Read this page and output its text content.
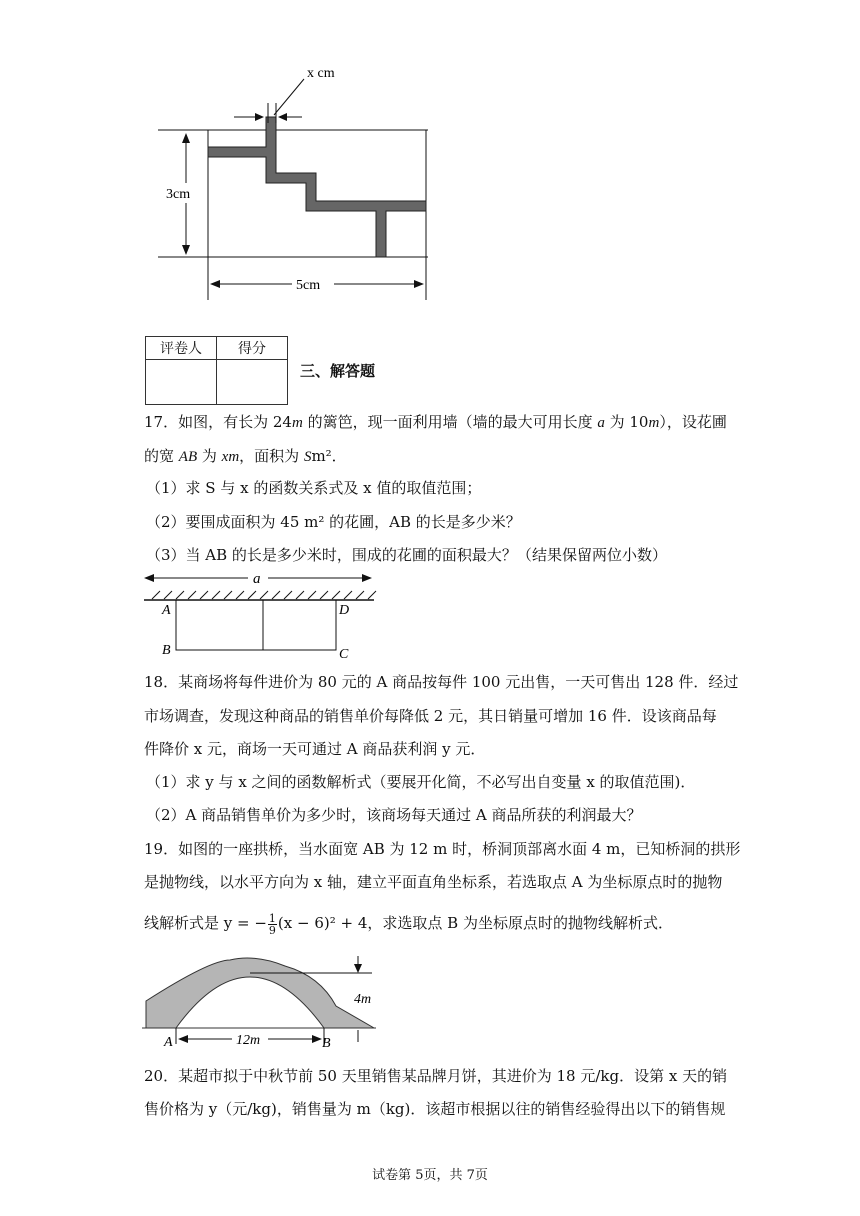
x cm
3cm
5cm
评卷人	得分

三、解答题
17．如图，有长为 24m 的篱笆，现一面利用墙（墙的最大可用长度 a 为 10m），设花圃
的宽 AB 为 xm，面积为 Sm²．
（1）求 S 与 x 的函数关系式及 x 值的取值范围；
（2）要围成面积为 45 m² 的花圃，AB 的长是多少米？
（3）当 AB 的长是多少米时，围成的花圃的面积最大？（结果保留两位小数）
a
A
B
D
C
18．某商场将每件进价为 80 元的 A 商品按每件 100 元出售，一天可售出 128 件．经过
市场调查，发现这种商品的销售单价每降低 2 元，其日销量可增加 16 件．设该商品每
件降价 x 元，商场一天可通过 A 商品获利润 y 元．
（1）求 y 与 x 之间的函数解析式（要展开化简，不必写出自变量 x 的取值范围)．
（2）A 商品销售单价为多少时，该商场每天通过 A 商品所获的利润最大？
19．如图的一座拱桥，当水面宽 AB 为 12 m 时，桥洞顶部离水面 4 m，已知桥洞的拱形
是抛物线，以水平方向为 x 轴，建立平面直角坐标系，若选取点 A 为坐标原点时的抛物
线解析式是 y = − $\frac{1}{9} (x - 6)^2 + 4$，求选取点 B 为坐标原点时的抛物线解析式．
12m
4m
A	B
20．某超市拟于中秋节前 50 天里销售某品牌月饼，其进价为 18 元/kg．设第 x 天的销
售价格为 y（元/kg)，销售量为 m（kg)．该超市根据以往的销售经验得出以下的销售规
试卷第 5页，共 7页
